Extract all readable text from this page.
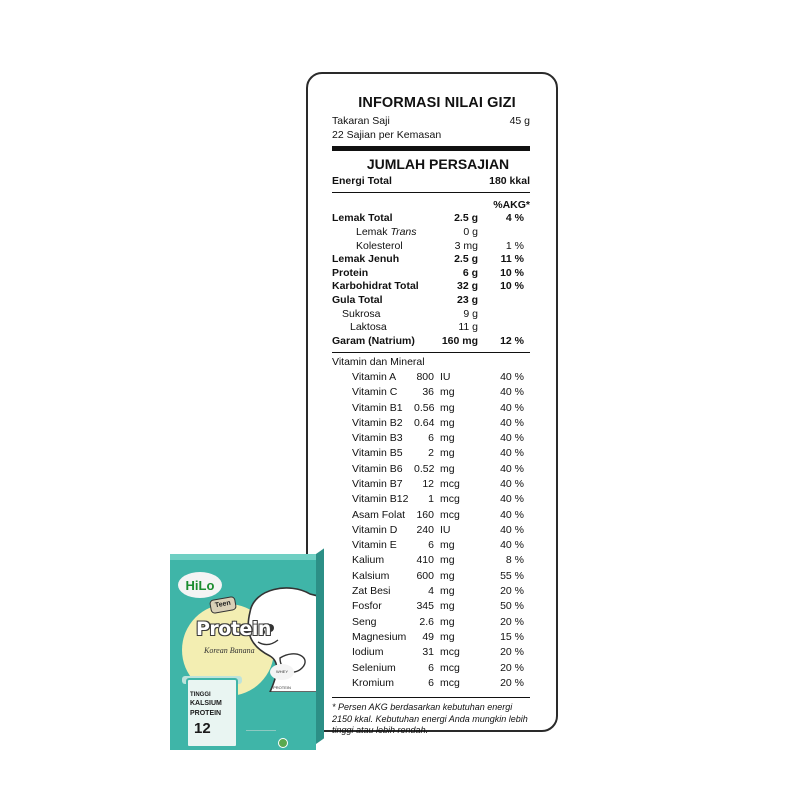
INFORMASI NILAI GIZI
Takaran Saji	45 g
22 Sajian per Kemasan
JUMLAH PERSAJIAN
Energi Total	180 kkal
%AKG*
Lemak Total	2.5 g	4 %
Lemak Trans	0 g
Kolesterol	3 mg	1 %
Lemak Jenuh	2.5 g	11 %
Protein	6 g	10 %
Karbohidrat Total	32 g	10 %
Gula Total	23 g
Sukrosa	9 g
Laktosa	11 g
Garam (Natrium)	160 mg	12 %
Vitamin dan Mineral
Vitamin A	800 IU	40 %
Vitamin C	36 mg	40 %
Vitamin B1	0.56 mg	40 %
Vitamin B2	0.64 mg	40 %
Vitamin B3	6 mg	40 %
Vitamin B5	2 mg	40 %
Vitamin B6	0.52 mg	40 %
Vitamin B7	12 mcg	40 %
Vitamin B12	1 mcg	40 %
Asam Folat	160 mcg	40 %
Vitamin D	240 IU	40 %
Vitamin E	6 mg	40 %
Kalium	410 mg	8 %
Kalsium	600 mg	55 %
Zat Besi	4 mg	20 %
Fosfor	345 mg	50 %
Seng	2.6 mg	20 %
Magnesium	49 mg	15 %
Iodium	31 mcg	20 %
Selenium	6 mcg	20 %
Kromium	6 mcg	20 %
* Persen AKG berdasarkan kebutuhan energi 2150 kkal. Kebutuhan energi Anda mungkin lebih tinggi atau lebih rendah.
HiLo
Teen
Protein
Korean Banana
WHEY PROTEIN
TINGGI
KALSIUM
PROTEIN
12
